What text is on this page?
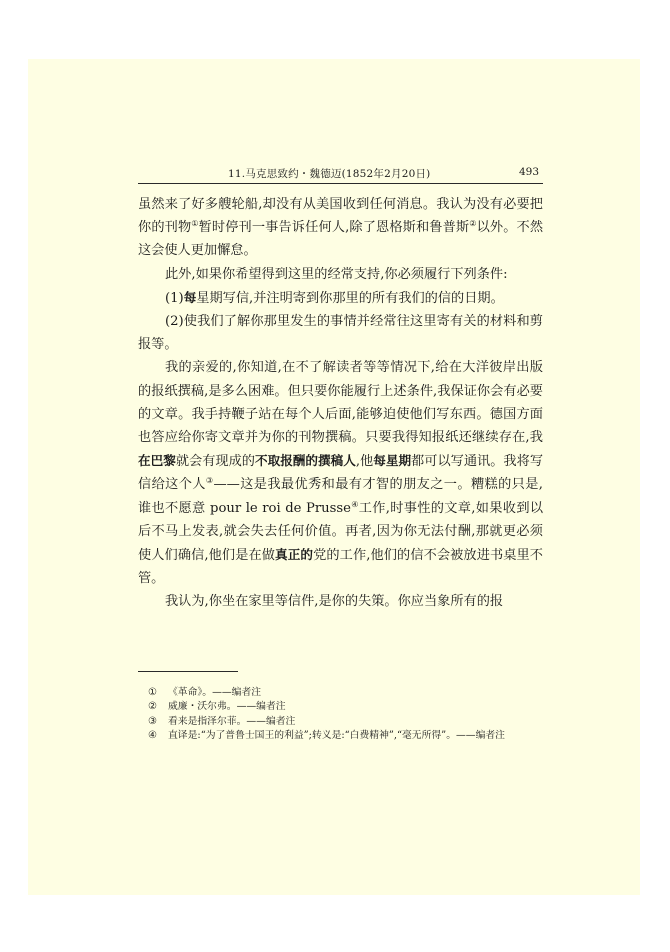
11.马克思致约・魏德迈(1852年2月20日)	493

虽然来了好多艘轮船,却没有从美国收到任何消息。我认为没有必要把你的刊物①暂时停刊一事告诉任何人,除了恩格斯和鲁普斯②以外。不然这会使人更加懈怠。

此外,如果你希望得到这里的经常支持,你必须履行下列条件:

(1)每星期写信,并注明寄到你那里的所有我们的信的日期。

(2)使我们了解你那里发生的事情并经常往这里寄有关的材料和剪报等。

我的亲爱的,你知道,在不了解读者等等情况下,给在大洋彼岸出版的报纸撰稿,是多么困难。但只要你能履行上述条件,我保证你会有必要的文章。我手持鞭子站在每个人后面,能够迫使他们写东西。德国方面也答应给你寄文章并为你的刊物撰稿。只要我得知报纸还继续存在,我在巴黎就会有现成的不取报酬的撰稿人,他每星期都可以写通讯。我将写信给这个人③——这是我最优秀和最有才智的朋友之一。糟糕的只是,谁也不愿意 pour le roi de Prusse④工作,时事性的文章,如果收到以后不马上发表,就会失去任何价值。再者,因为你无法付酬,那就更必须使人们确信,他们是在做真正的党的工作,他们的信不会被放进书桌里不管。

我认为,你坐在家里等信件,是你的失策。你应当象所有的报

① 《革命》。——编者注
② 威廉・沃尔弗。——编者注
③ 看来是指泽尔菲。——编者注
④ 直译是:“为了普鲁士国王的利益”;转义是:“白费精神”,“毫无所得”。——编者注
